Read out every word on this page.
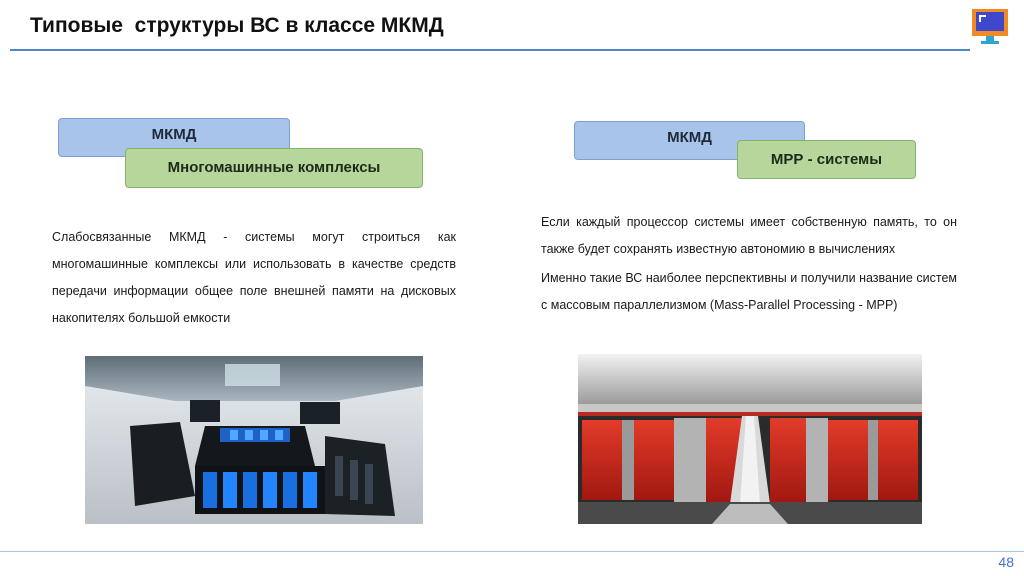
Типовые  структуры ВС в классе МКМД
МКМД
Многомашинные комплексы
Слабосвязанные МКМД - системы могут строиться как многомашинные комплексы или использовать в качестве средств передачи информации общее поле внешней памяти на дисковых накопителях большой емкости
МКМД
МРР - системы
Если каждый процессор системы имеет собственную память, то он также будет сохранять известную автономию в вычислениях
Именно такие ВС наиболее перспективны и получили название систем с массовым параллелизмом (Mass-Parallel Processing - MPP)
48
